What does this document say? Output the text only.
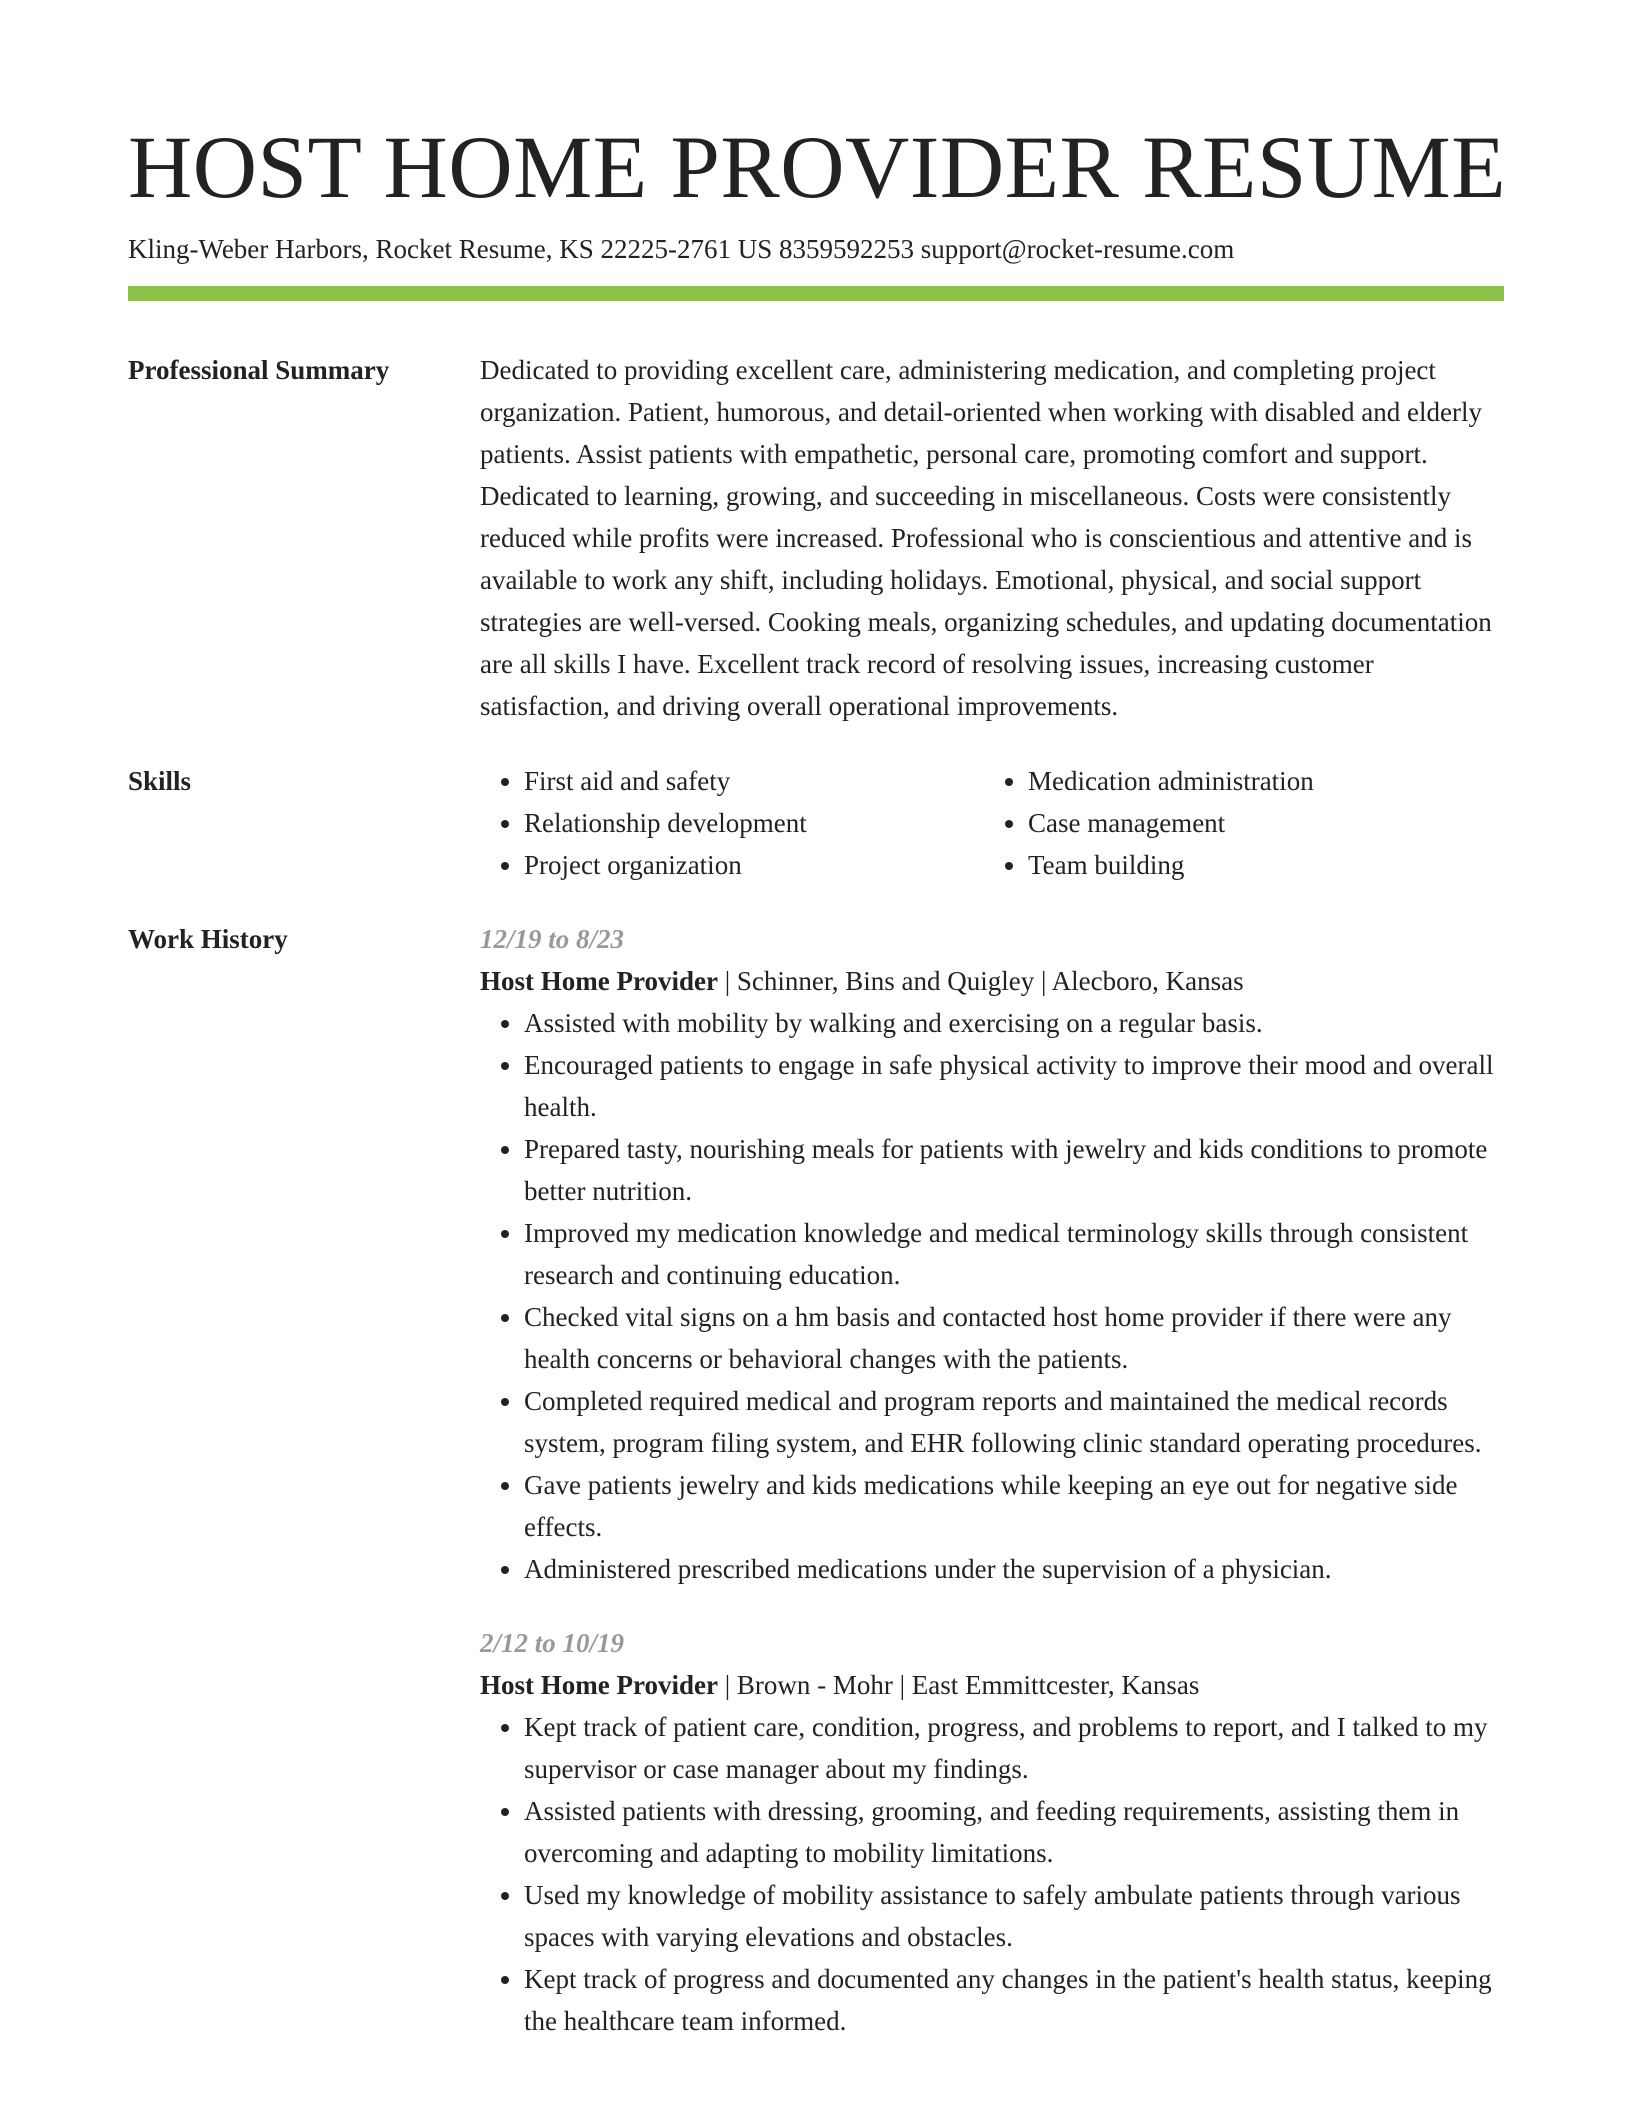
HOST HOME PROVIDER RESUME
Kling-Weber Harbors, Rocket Resume, KS 22225-2761 US 8359592253 support@rocket-resume.com
Professional Summary	Dedicated to providing excellent care, administering medication, and completing project organization. Patient, humorous, and detail-oriented when working with disabled and elderly patients. Assist patients with empathetic, personal care, promoting comfort and support. Dedicated to learning, growing, and succeeding in miscellaneous. Costs were consistently reduced while profits were increased. Professional who is conscientious and attentive and is available to work any shift, including holidays. Emotional, physical, and social support strategies are well-versed. Cooking meals, organizing schedules, and updating documentation are all skills I have. Excellent track record of resolving issues, increasing customer satisfaction, and driving overall operational improvements.

Skills
•	First aid and safety
• Relationship development
• Project organization
• Medication administration
• Case management
• Team building
Work History	12/19 to 8/23
Host Home Provider | Schinner, Bins and Quigley | Alecboro, Kansas
• Assisted with mobility by walking and exercising on a regular basis.
• Encouraged patients to engage in safe physical activity to improve their mood and overall health.
• Prepared tasty, nourishing meals for patients with jewelry and kids conditions to promote better nutrition.
• Improved my medication knowledge and medical terminology skills through consistent research and continuing education.
• Checked vital signs on a hm basis and contacted host home provider if there were any health concerns or behavioral changes with the patients.
• Completed required medical and program reports and maintained the medical records system, program filing system, and EHR following clinic standard operating procedures.
• Gave patients jewelry and kids medications while keeping an eye out for negative side effects.
• Administered prescribed medications under the supervision of a physician.
2/12 to 10/19
Host Home Provider | Brown - Mohr | East Emmittcester, Kansas
• Kept track of patient care, condition, progress, and problems to report, and I talked to my supervisor or case manager about my findings.
• Assisted patients with dressing, grooming, and feeding requirements, assisting them in overcoming and adapting to mobility limitations.
• Used my knowledge of mobility assistance to safely ambulate patients through various spaces with varying elevations and obstacles.
• Kept track of progress and documented any changes in the patient's health status, keeping the healthcare team informed.
